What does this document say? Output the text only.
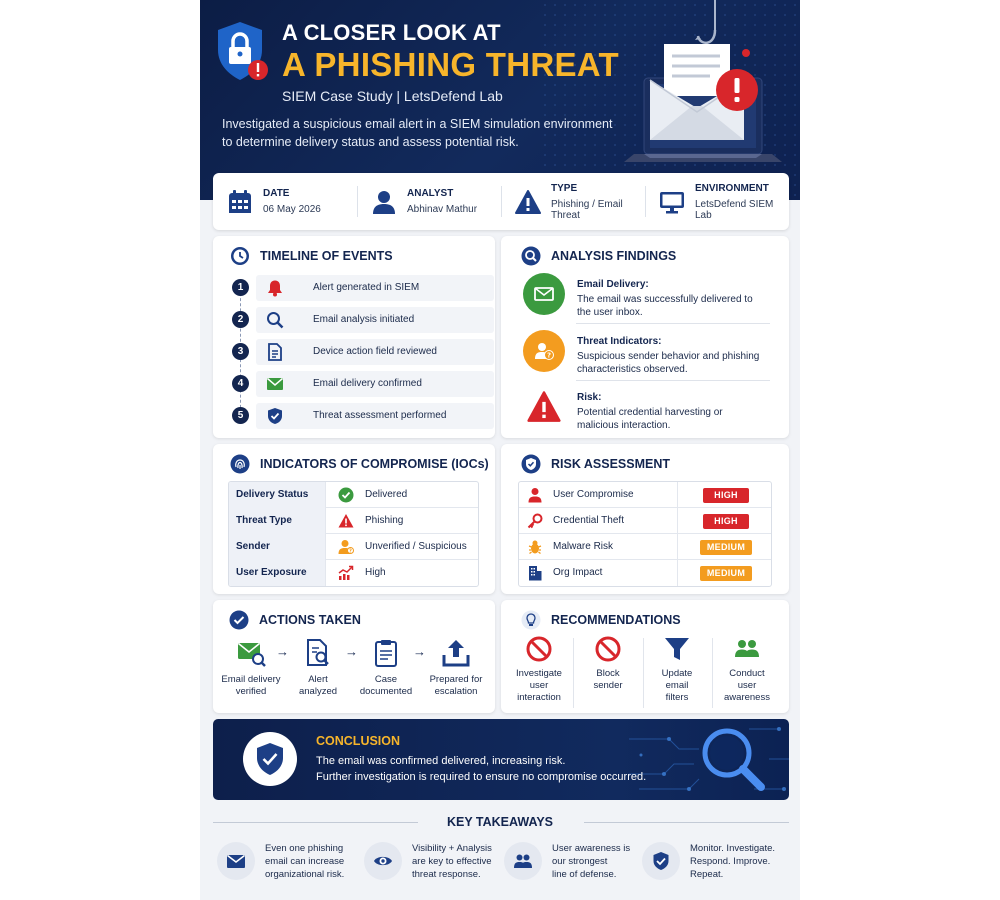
A CLOSER LOOK AT
A PHISHING THREAT
SIEM Case Study | LetsDefend Lab
Investigated a suspicious email alert in a SIEM simulation environment to determine delivery status and assess potential risk.
DATE
06 May 2026
ANALYST
Abhinav Mathur
TYPE
Phishing / Email Threat
ENVIRONMENT
LetsDefend SIEM Lab
TIMELINE OF EVENTS
1	Alert generated in SIEM
2	Email analysis initiated
3	Device action field reviewed
4	Email delivery confirmed
5	Threat assessment performed
ANALYSIS FINDINGS
Email Delivery:
The email was successfully delivered to the user inbox.
?
Threat Indicators:
Suspicious sender behavior and phishing characteristics observed.
Risk:
Potential credential harvesting or malicious interaction.
INDICATORS OF COMPROMISE (IOCs)
Delivery Status	Delivered
Threat Type	Phishing
Sender	? Unverified / Suspicious
User Exposure	High
RISK ASSESSMENT
User Compromise	HIGH
Credential Theft	HIGH
Malware Risk	MEDIUM
Org Impact	MEDIUM
ACTIONS TAKEN
Email delivery
verified
→
Alert
analyzed
→
Case
documented
→
Prepared for
escalation
RECOMMENDATIONS
Investigate
user
interaction
Block
sender
Update
email
filters
Conduct
user
awareness
CONCLUSION
The email was confirmed delivered, increasing risk.
Further investigation is required to ensure no compromise occurred.
KEY TAKEAWAYS
Even one phishing
email can increase
organizational risk.
Visibility + Analysis
are key to effective
threat response.
User awareness is
our strongest
line of defense.
Monitor. Investigate.
Respond. Improve.
Repeat.
